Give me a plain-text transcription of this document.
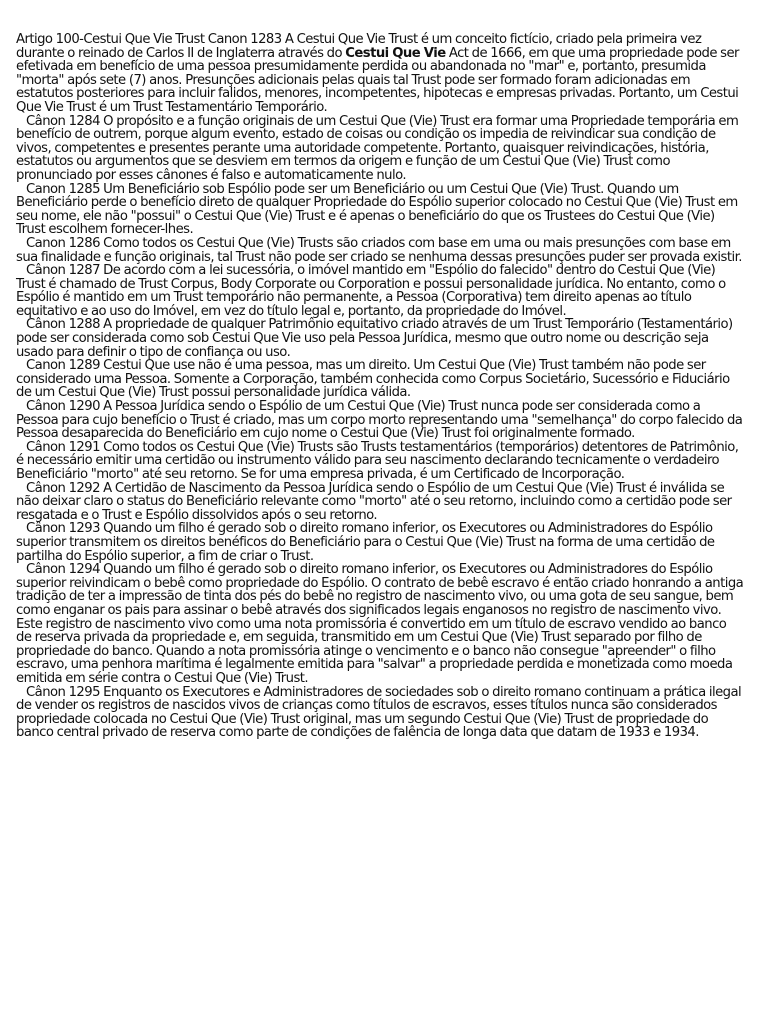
Artigo 100-Cestui Que Vie Trust Canon 1283 A Cestui Que Vie Trust é um conceito fictício, criado pela primeira vez durante o reinado de Carlos II de Inglaterra através do Cestui Que Vie Act de 1666, em que uma propriedade pode ser efetivada em benefício de uma pessoa presumidamente perdida ou abandonada no "mar" e, portanto, presumida "morta" após sete (7) anos. Presunções adicionais pelas quais tal Trust pode ser formado foram adicionadas em estatutos posteriores para incluir falidos, menores, incompetentes, hipotecas e empresas privadas. Portanto, um Cestui Que Vie Trust é um Trust Testamentário Temporário.

Cânon 1284 O propósito e a função originais de um Cestui Que (Vie) Trust era formar uma Propriedade temporária em benefício de outrem, porque algum evento, estado de coisas ou condição os impedia de reivindicar sua condição de vivos, competentes e presentes perante uma autoridade competente. Portanto, quaisquer reivindicações, história, estatutos ou argumentos que se desviem em termos da origem e função de um Cestui Que (Vie) Trust como pronunciado por esses cânones é falso e automaticamente nulo.

Canon 1285 Um Beneficiário sob Espólio pode ser um Beneficiário ou um Cestui Que (Vie) Trust. Quando um Beneficiário perde o benefício direto de qualquer Propriedade do Espólio superior colocado no Cestui Que (Vie) Trust em seu nome, ele não "possui" o Cestui Que (Vie) Trust e é apenas o beneficiário do que os Trustees do Cestui Que (Vie) Trust escolhem fornecer-lhes.

Canon 1286 Como todos os Cestui Que (Vie) Trusts são criados com base em uma ou mais presunções com base em sua finalidade e função originais, tal Trust não pode ser criado se nenhuma dessas presunções puder ser provada existir.

Cânon 1287 De acordo com a lei sucessória, o imóvel mantido em "Espólio do falecido" dentro do Cestui Que (Vie) Trust é chamado de Trust Corpus, Body Corporate ou Corporation e possui personalidade jurídica. No entanto, como o Espólio é mantido em um Trust temporário não permanente, a Pessoa (Corporativa) tem direito apenas ao título equitativo e ao uso do Imóvel, em vez do título legal e, portanto, da propriedade do Imóvel.

Cânon 1288 A propriedade de qualquer Patrimônio equitativo criado através de um Trust Temporário (Testamentário) pode ser considerada como sob Cestui Que Vie uso pela Pessoa Jurídica, mesmo que outro nome ou descrição seja usado para definir o tipo de confiança ou uso.

Canon 1289 Cestui Que use não é uma pessoa, mas um direito. Um Cestui Que (Vie) Trust também não pode ser considerado uma Pessoa. Somente a Corporação, também conhecida como Corpus Societário, Sucessório e Fiduciário de um Cestui Que (Vie) Trust possui personalidade jurídica válida.

Cânon 1290 A Pessoa Jurídica sendo o Espólio de um Cestui Que (Vie) Trust nunca pode ser considerada como a Pessoa para cujo benefício o Trust é criado, mas um corpo morto representando uma "semelhança" do corpo falecido da Pessoa desaparecida do Beneficiário em cujo nome o Cestui Que (Vie) Trust foi originalmente formado.

Cânon 1291 Como todos os Cestui Que (Vie) Trusts são Trusts testamentários (temporários) detentores de Patrimônio, é necessário emitir uma certidão ou instrumento válido para seu nascimento declarando tecnicamente o verdadeiro Beneficiário "morto" até seu retorno. Se for uma empresa privada, é um Certificado de Incorporação.

Cânon 1292 A Certidão de Nascimento da Pessoa Jurídica sendo o Espólio de um Cestui Que (Vie) Trust é inválida se não deixar claro o status do Beneficiário relevante como "morto" até o seu retorno, incluindo como a certidão pode ser resgatada e o Trust e Espólio dissolvidos após o seu retorno.

Cânon 1293 Quando um filho é gerado sob o direito romano inferior, os Executores ou Administradores do Espólio superior transmitem os direitos benéficos do Beneficiário para o Cestui Que (Vie) Trust na forma de uma certidão de partilha do Espólio superior, a fim de criar o Trust.

Cânon 1294 Quando um filho é gerado sob o direito romano inferior, os Executores ou Administradores do Espólio superior reivindicam o bebê como propriedade do Espólio. O contrato de bebê escravo é então criado honrando a antiga tradição de ter a impressão de tinta dos pés do bebê no registro de nascimento vivo, ou uma gota de seu sangue, bem como enganar os pais para assinar o bebê através dos significados legais enganosos no registro de nascimento vivo. Este registro de nascimento vivo como uma nota promissória é convertido em um título de escravo vendido ao banco de reserva privada da propriedade e, em seguida, transmitido em um Cestui Que (Vie) Trust separado por filho de propriedade do banco. Quando a nota promissória atinge o vencimento e o banco não consegue "apreender" o filho escravo, uma penhora marítima é legalmente emitida para "salvar" a propriedade perdida e monetizada como moeda emitida em série contra o Cestui Que (Vie) Trust.

Cânon 1295 Enquanto os Executores e Administradores de sociedades sob o direito romano continuam a prática ilegal de vender os registros de nascidos vivos de crianças como títulos de escravos, esses títulos nunca são considerados propriedade colocada no Cestui Que (Vie) Trust original, mas um segundo Cestui Que (Vie) Trust de propriedade do banco central privado de reserva como parte de condições de falência de longa data que datam de 1933 e 1934.
